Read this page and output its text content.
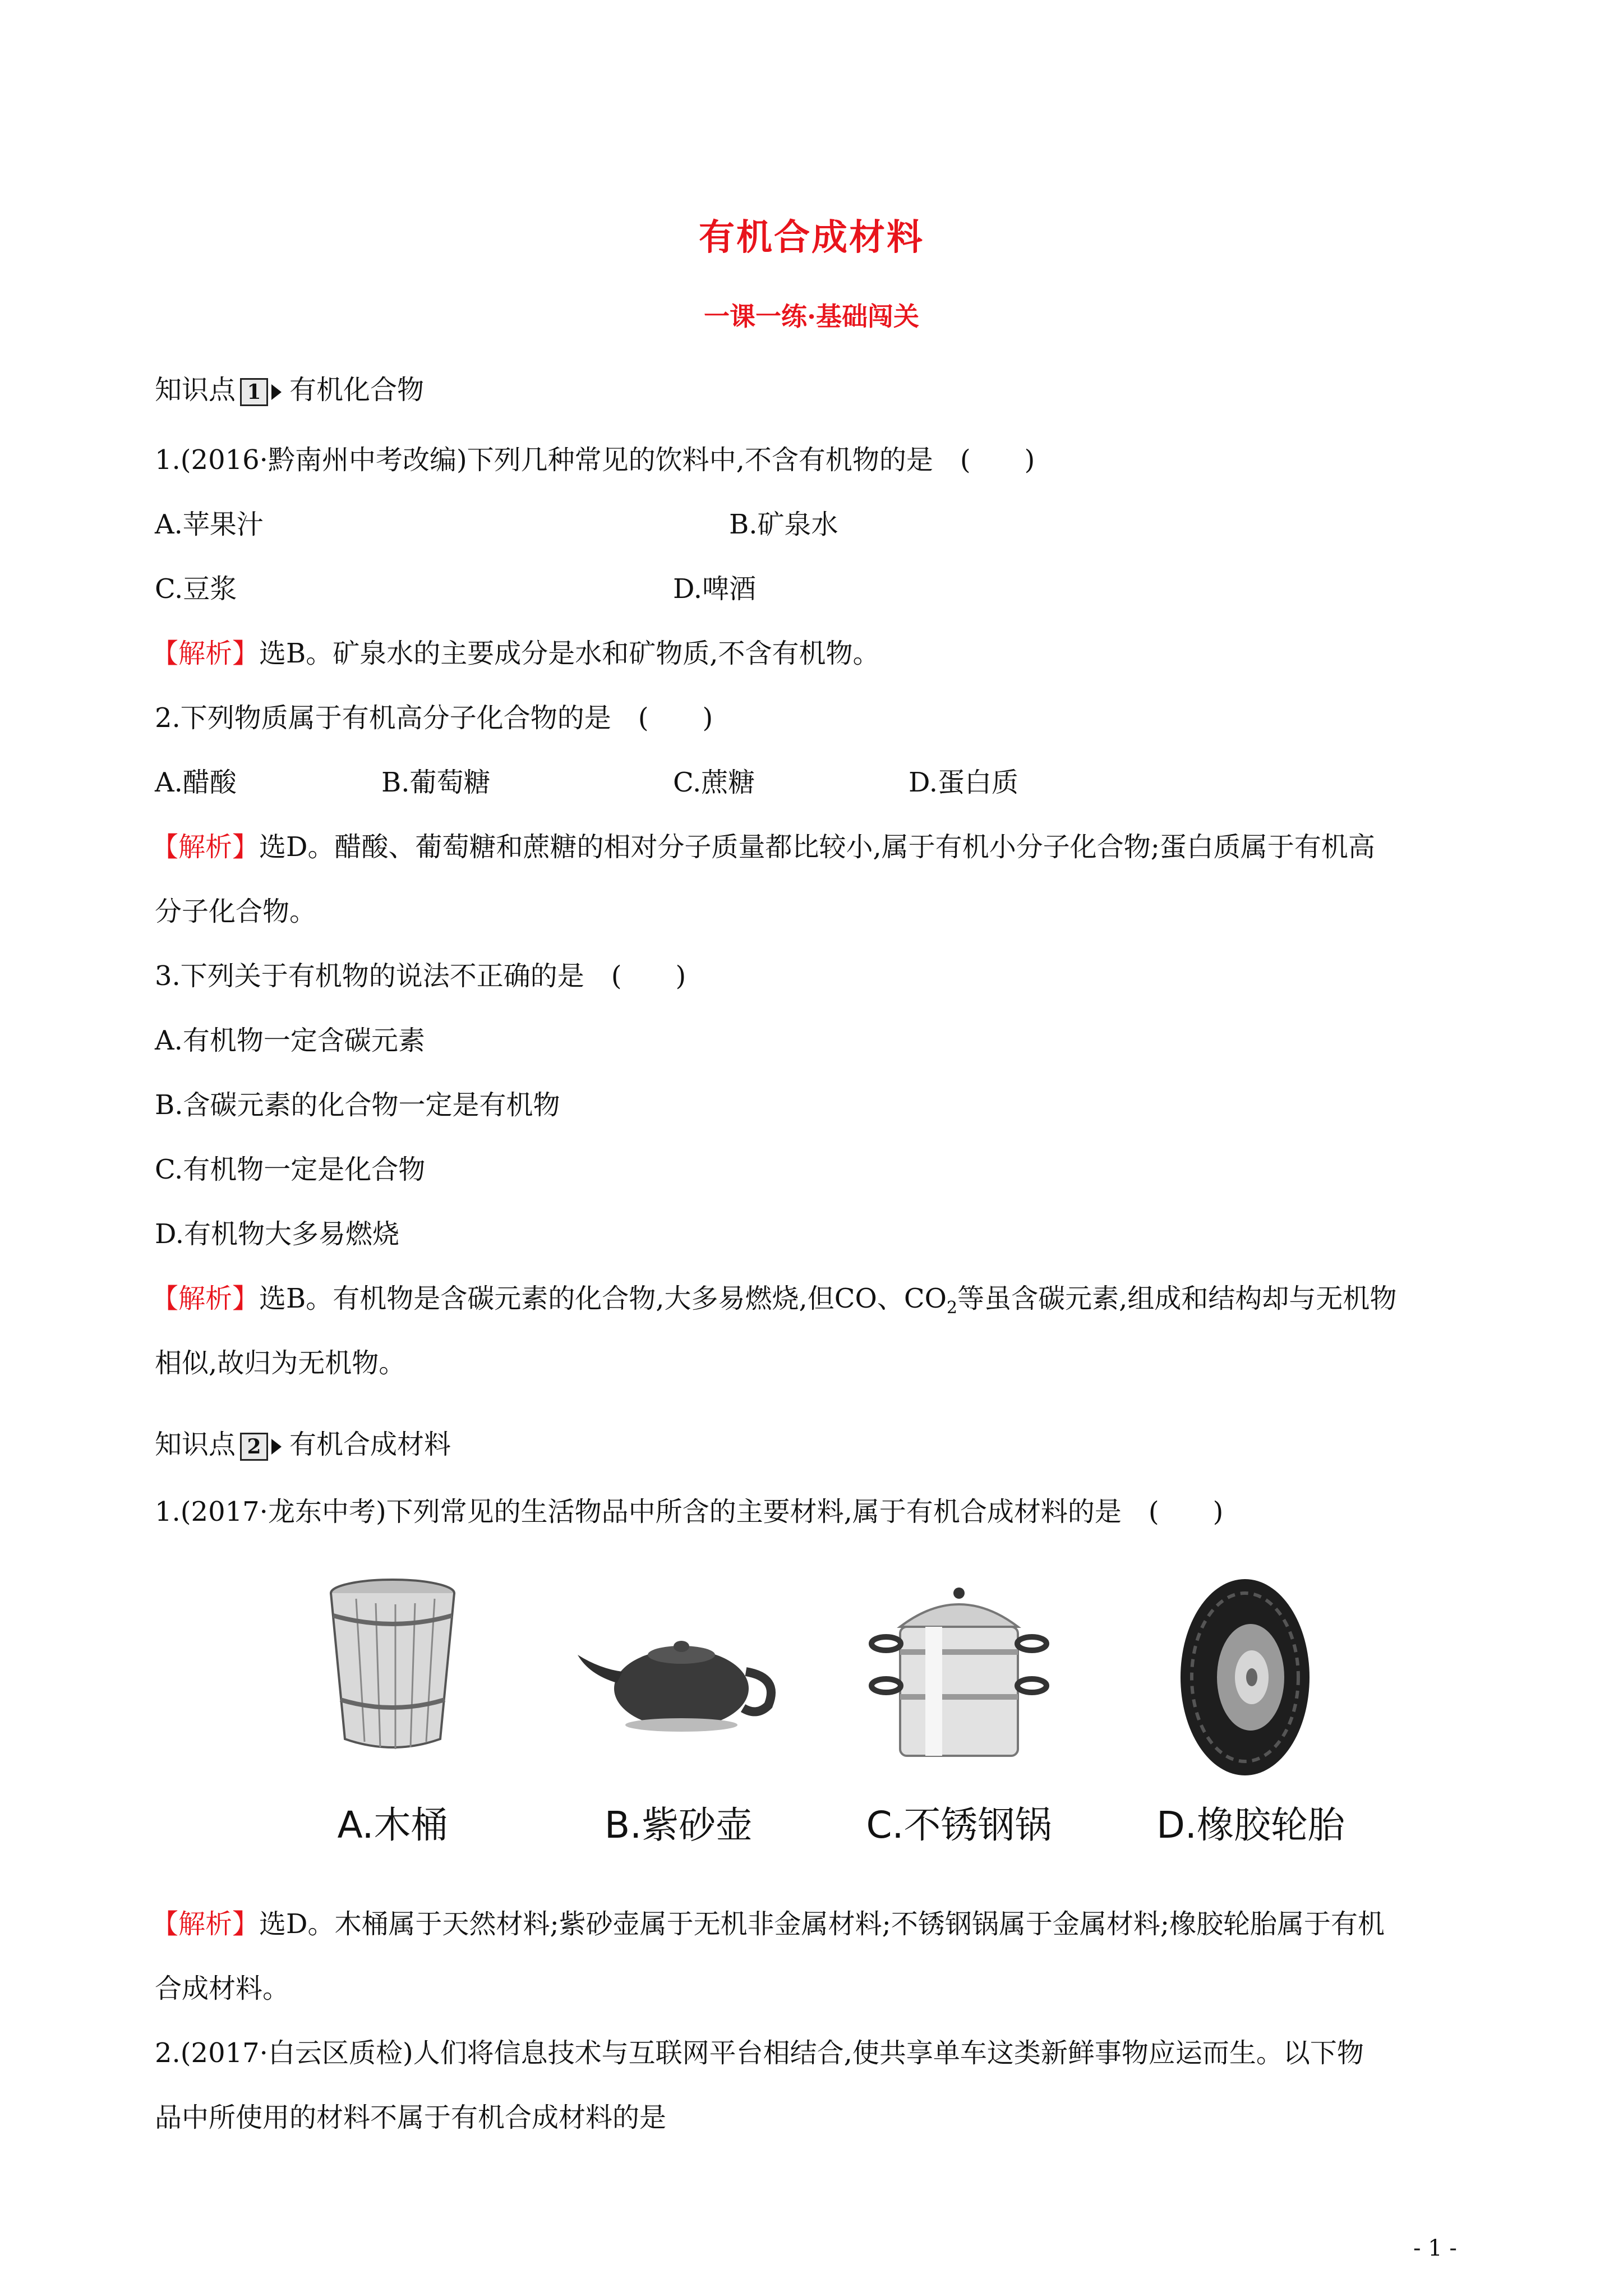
有机合成材料
一课一练·基础闯关
知识点 1 有机化合物
1.(2016·黔南州中考改编)下列几种常见的饮料中,不含有机物的是　(　　)
A.苹果汁	B.矿泉水
C.豆浆	D.啤酒
【解析】选B。矿泉水的主要成分是水和矿物质,不含有机物。
2.下列物质属于有机高分子化合物的是　(　　)
A.醋酸	B.葡萄糖	C.蔗糖	D.蛋白质
【解析】选D。醋酸、葡萄糖和蔗糖的相对分子质量都比较小,属于有机小分子化合物;蛋白质属于有机高
分子化合物。
3.下列关于有机物的说法不正确的是　(　　)
A.有机物一定含碳元素
B.含碳元素的化合物一定是有机物
C.有机物一定是化合物
D.有机物大多易燃烧
【解析】选B。有机物是含碳元素的化合物,大多易燃烧,但CO、$CO_2$等虽含碳元素,组成和结构却与无机物
相似,故归为无机物。
知识点 2 有机合成材料
1.(2017·龙东中考)下列常见的生活物品中所含的主要材料,属于有机合成材料的是　(　　)
A.木桶	B.紫砂壶	C.不锈钢锅	D.橡胶轮胎
【解析】选D。木桶属于天然材料;紫砂壶属于无机非金属材料;不锈钢锅属于金属材料;橡胶轮胎属于有机
合成材料。
2.(2017·白云区质检)人们将信息技术与互联网平台相结合,使共享单车这类新鲜事物应运而生。以下物
品中所使用的材料不属于有机合成材料的是
- 1 -
